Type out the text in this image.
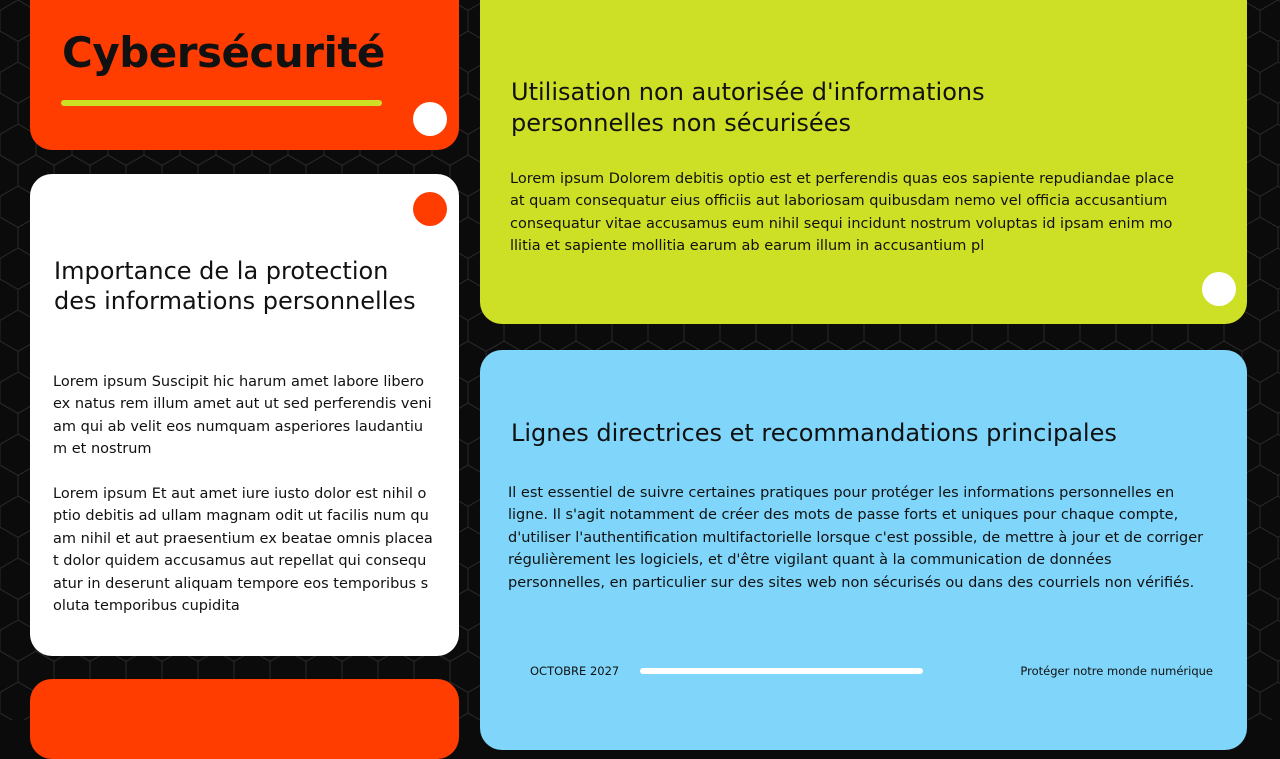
Cybersécurité
Importance de la protection des informations personnelles

Lorem ipsum Suscipit hic harum amet labore libero ex natus rem illum amet aut ut sed perferendis veniam qui ab velit eos numquam asperiores laudantium et nostrum

Lorem ipsum Et aut amet iure iusto dolor est nihil optio debitis ad ullam magnam odit ut facilis num quam nihil et aut praesentium ex beatae omnis placeat dolor quidem accusamus aut repellat qui consequatur in deserunt aliquam tempore eos temporibus soluta temporibus cupidita

Utilisation non autorisée d'informations personnelles non sécurisées

Lorem ipsum Dolorem debitis optio est et perferendis quas eos sapiente repudiandae placeat quam consequatur eius officiis aut laboriosam quibusdam nemo vel officia accusantium consequatur vitae accusamus eum nihil sequi incidunt nostrum voluptas id ipsam enim mollitia et sapiente mollitia earum ab earum illum in accusantium pl

Lignes directrices et recommandations principales

Il est essentiel de suivre certaines pratiques pour protéger les informations personnelles en ligne. Il s'agit notamment de créer des mots de passe forts et uniques pour chaque compte, d'utiliser l'authentification multifactorielle lorsque c'est possible, de mettre à jour et de corriger régulièrement les logiciels, et d'être vigilant quant à la communication de données personnelles, en particulier sur des sites web non sécurisés ou dans des courriels non vérifiés.

OCTOBRE 2027	Protéger notre monde numérique
